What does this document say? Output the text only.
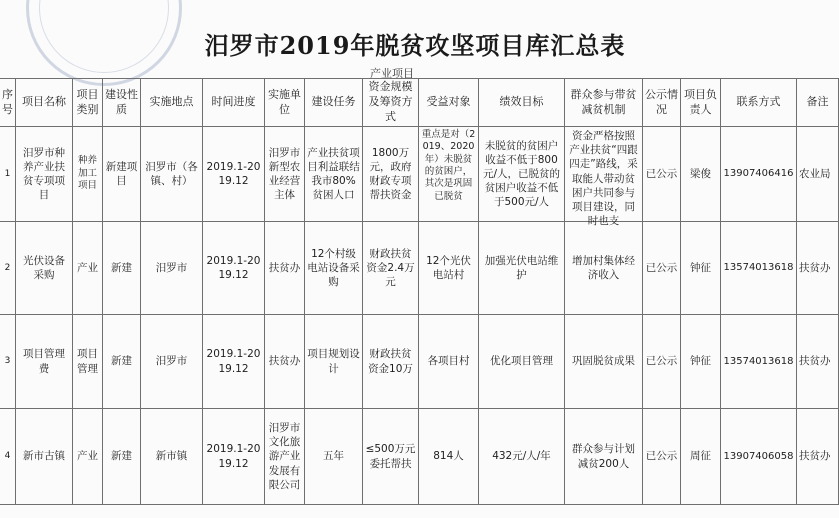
汨罗市2019年脱贫攻坚项目库汇总表
产业项目
序号	项目名称	项目类别	建设性质	实施地点	时间进度	实施单位	建设任务	资金规模及筹资方式	受益对象	绩效目标	群众参与带贫减贫机制	公示情况	项目负责人	联系方式	备注
1	汨罗市种养产业扶贫专项项目	种养加工项目	新建项目	汨罗市（各镇、村）	2019.1-2019.12	汨罗市新型农业经营主体	产业扶贫项目利益联结我市80%贫困人口	1800万元，政府财政专项帮扶资金	重点是对（2019、2020年）未脱贫的贫困户，其次是巩固已脱贫	未脱贫的贫困户收益不低于800元/人，已脱贫的贫困户收益不低于500元/人	资金严格按照产业扶贫“四跟四走”路线，采取能人带动贫困户共同参与项目建设，同时也支	已公示	梁俊	13907406416	农业局
2	光伏设备采购	产业	新建	汨罗市	2019.1-2019.12	扶贫办	12个村级电站设备采购	财政扶贫资金2.4万元	12个光伏电站村	加强光伏电站维护	增加村集体经济收入	已公示	钟征	13574013618	扶贫办
3	项目管理费	项目管理	新建	汨罗市	2019.1-2019.12	扶贫办	项目规划设计	财政扶贫资金10万	各项目村	优化项目管理	巩固脱贫成果	已公示	钟征	13574013618	扶贫办
4	新市古镇	产业	新建	新市镇	2019.1-2019.12	汨罗市文化旅游产业发展有限公司	五年	≤500万元委托帮扶	814人	432元/人/年	群众参与计划减贫200人	已公示	周征	13907406058	扶贫办
